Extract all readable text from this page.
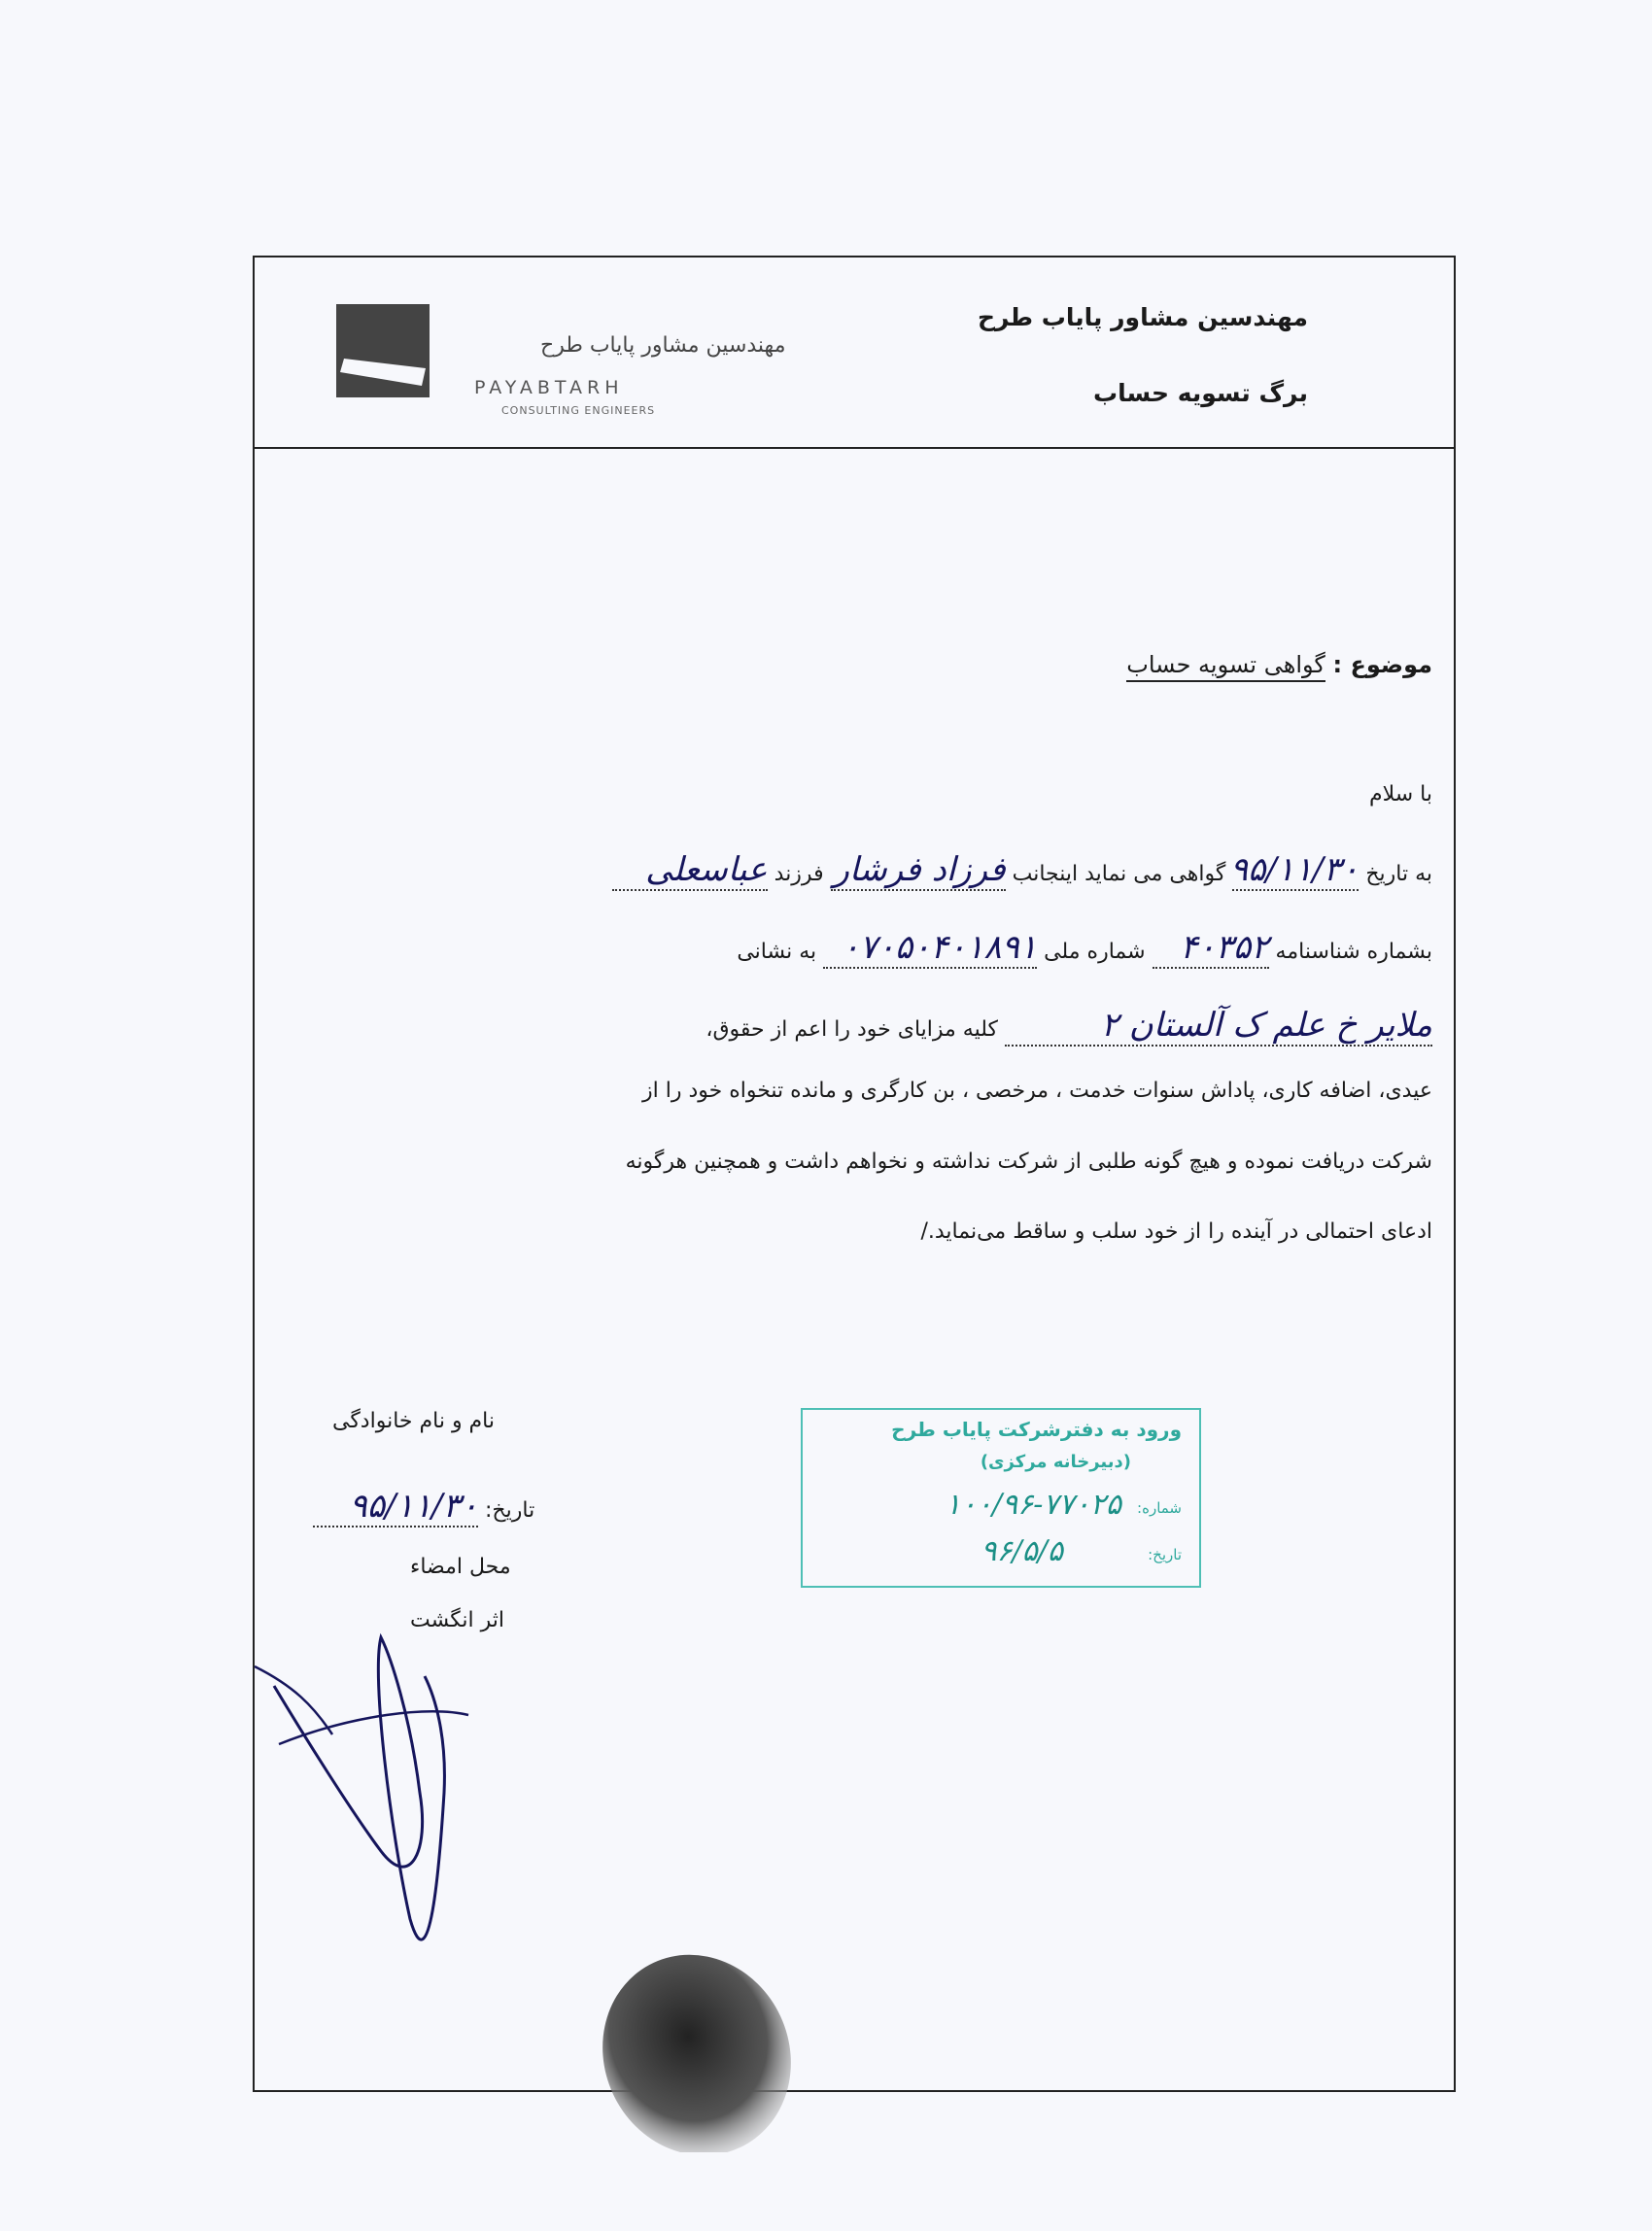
مهندسین مشاور پایاب طرح
برگ تسویه حساب
مهندسین مشاور پایاب طرح
PAYABTARH
CONSULTING ENGINEERS
موضوع : گواهی تسویه حساب
با سلام
به تاریخ ۹۵/۱۱/۳۰ گواهی می نماید اینجانب فرزاد فرشار فرزند عباسعلی
بشماره شناسنامه ۴۰۳۵۲ شماره ملی ۰۷۰۵۰۴۰۱۸۹۱ به نشانی
ملایر خ علم ک آلستان ۲ کلیه مزایای خود را اعم از حقوق،
عیدی، اضافه کاری، پاداش سنوات خدمت ، مرخصی ، بن کارگری و مانده تنخواه خود را از
شرکت دریافت نموده و هیچ گونه طلبی از شرکت نداشته و نخواهم داشت و همچنین هرگونه
ادعای احتمالی در آینده را از خود سلب و ساقط می‌نماید./
نام و نام خانوادگی
تاریخ: ۹۵/۱۱/۳۰
محل امضاء
اثر انگشت
ورود به دفترشرکت پایاب طرح
(دبیرخانه مرکزی)
شماره:
۱۰۰/۹۶-۷۷۰۲۵
تاریخ:
۹۶/۵/۵
